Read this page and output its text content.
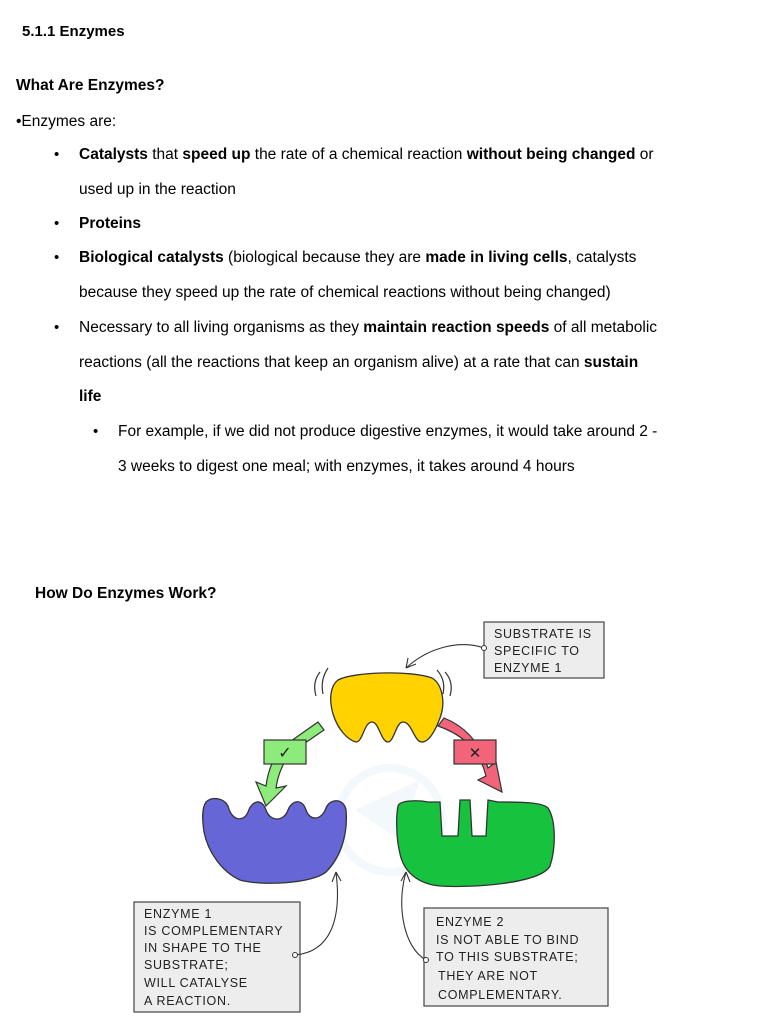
5.1.1 Enzymes
What Are Enzymes?
•Enzymes are:
• Catalysts that speed up the rate of a chemical reaction without being changed or
used up in the reaction
• Proteins
• Biological catalysts (biological because they are made in living cells, catalysts
because they speed up the rate of chemical reactions without being changed)
• Necessary to all living organisms as they maintain reaction speeds of all metabolic
reactions (all the reactions that keep an organism alive) at a rate that can sustain
life
• For example, if we did not produce digestive enzymes, it would take around 2 -
3 weeks to digest one meal; with enzymes, it takes around 4 hours
How Do Enzymes Work?
✓	✕
SUBSTRATE IS
SPECIFIC TO
ENZYME 1
ENZYME 1
IS COMPLEMENTARY
IN SHAPE TO THE
SUBSTRATE;
WILL CATALYSE
A REACTION.
ENZYME 2
IS NOT ABLE TO BIND
TO THIS SUBSTRATE;
THEY ARE NOT
COMPLEMENTARY.
